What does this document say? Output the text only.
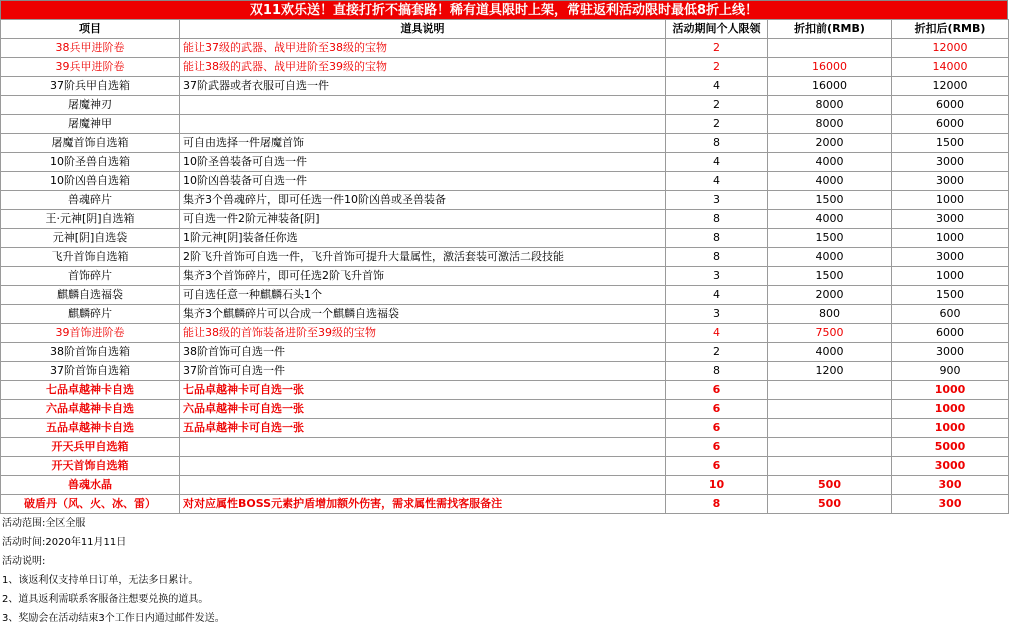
双11欢乐送！直接打折不搞套路！稀有道具限时上架，常驻返利活动限时最低8折上线！
项目	道具说明	活动期间个人限领	折扣前(RMB)	折扣后(RMB)
38兵甲进阶卷	能让37级的武器、战甲进阶至38级的宝物	2		12000
39兵甲进阶卷	能让38级的武器、战甲进阶至39级的宝物	2	16000	14000
37阶兵甲自选箱	37阶武器或者衣服可自选一件	4	16000	12000
屠魔神刃		2	8000	6000
屠魔神甲		2	8000	6000
屠魔首饰自选箱	可自由选择一件屠魔首饰	8	2000	1500
10阶圣兽自选箱	10阶圣兽装备可自选一件	4	4000	3000
10阶凶兽自选箱	10阶凶兽装备可自选一件	4	4000	3000
兽魂碎片	集齐3个兽魂碎片，即可任选一件10阶凶兽或圣兽装备	3	1500	1000
王·元神[阴]自选箱	可自选一件2阶元神装备[阴]	8	4000	3000
元神[阴]自选袋	1阶元神[阴]装备任你选	8	1500	1000
飞升首饰自选箱	2阶飞升首饰可自选一件，飞升首饰可提升大量属性，激活套装可激活二段技能	8	4000	3000
首饰碎片	集齐3个首饰碎片，即可任选2阶飞升首饰	3	1500	1000
麒麟自选福袋	可自选任意一种麒麟石头1个	4	2000	1500
麒麟碎片	集齐3个麒麟碎片可以合成一个麒麟自选福袋	3	800	600
39首饰进阶卷	能让38级的首饰装备进阶至39级的宝物	4	7500	6000
38阶首饰自选箱	38阶首饰可自选一件	2	4000	3000
37阶首饰自选箱	37阶首饰可自选一件	8	1200	900
七品卓越神卡自选	七品卓越神卡可自选一张	6		1000
六品卓越神卡自选	六品卓越神卡可自选一张	6		1000
五品卓越神卡自选	五品卓越神卡可自选一张	6		1000
开天兵甲自选箱		6		5000
开天首饰自选箱		6		3000
兽魂水晶		10	500	300
破盾丹（风、火、冰、雷）	对对应属性BOSS元素护盾增加额外伤害，需求属性需找客服备注	8	500	300
活动范围:全区全服
活动时间:2020年11月11日
活动说明:
1、该返利仅支持单日订单，无法多日累计。
2、道具返利需联系客服备注想要兑换的道具。
3、奖励会在活动结束3个工作日内通过邮件发送。
